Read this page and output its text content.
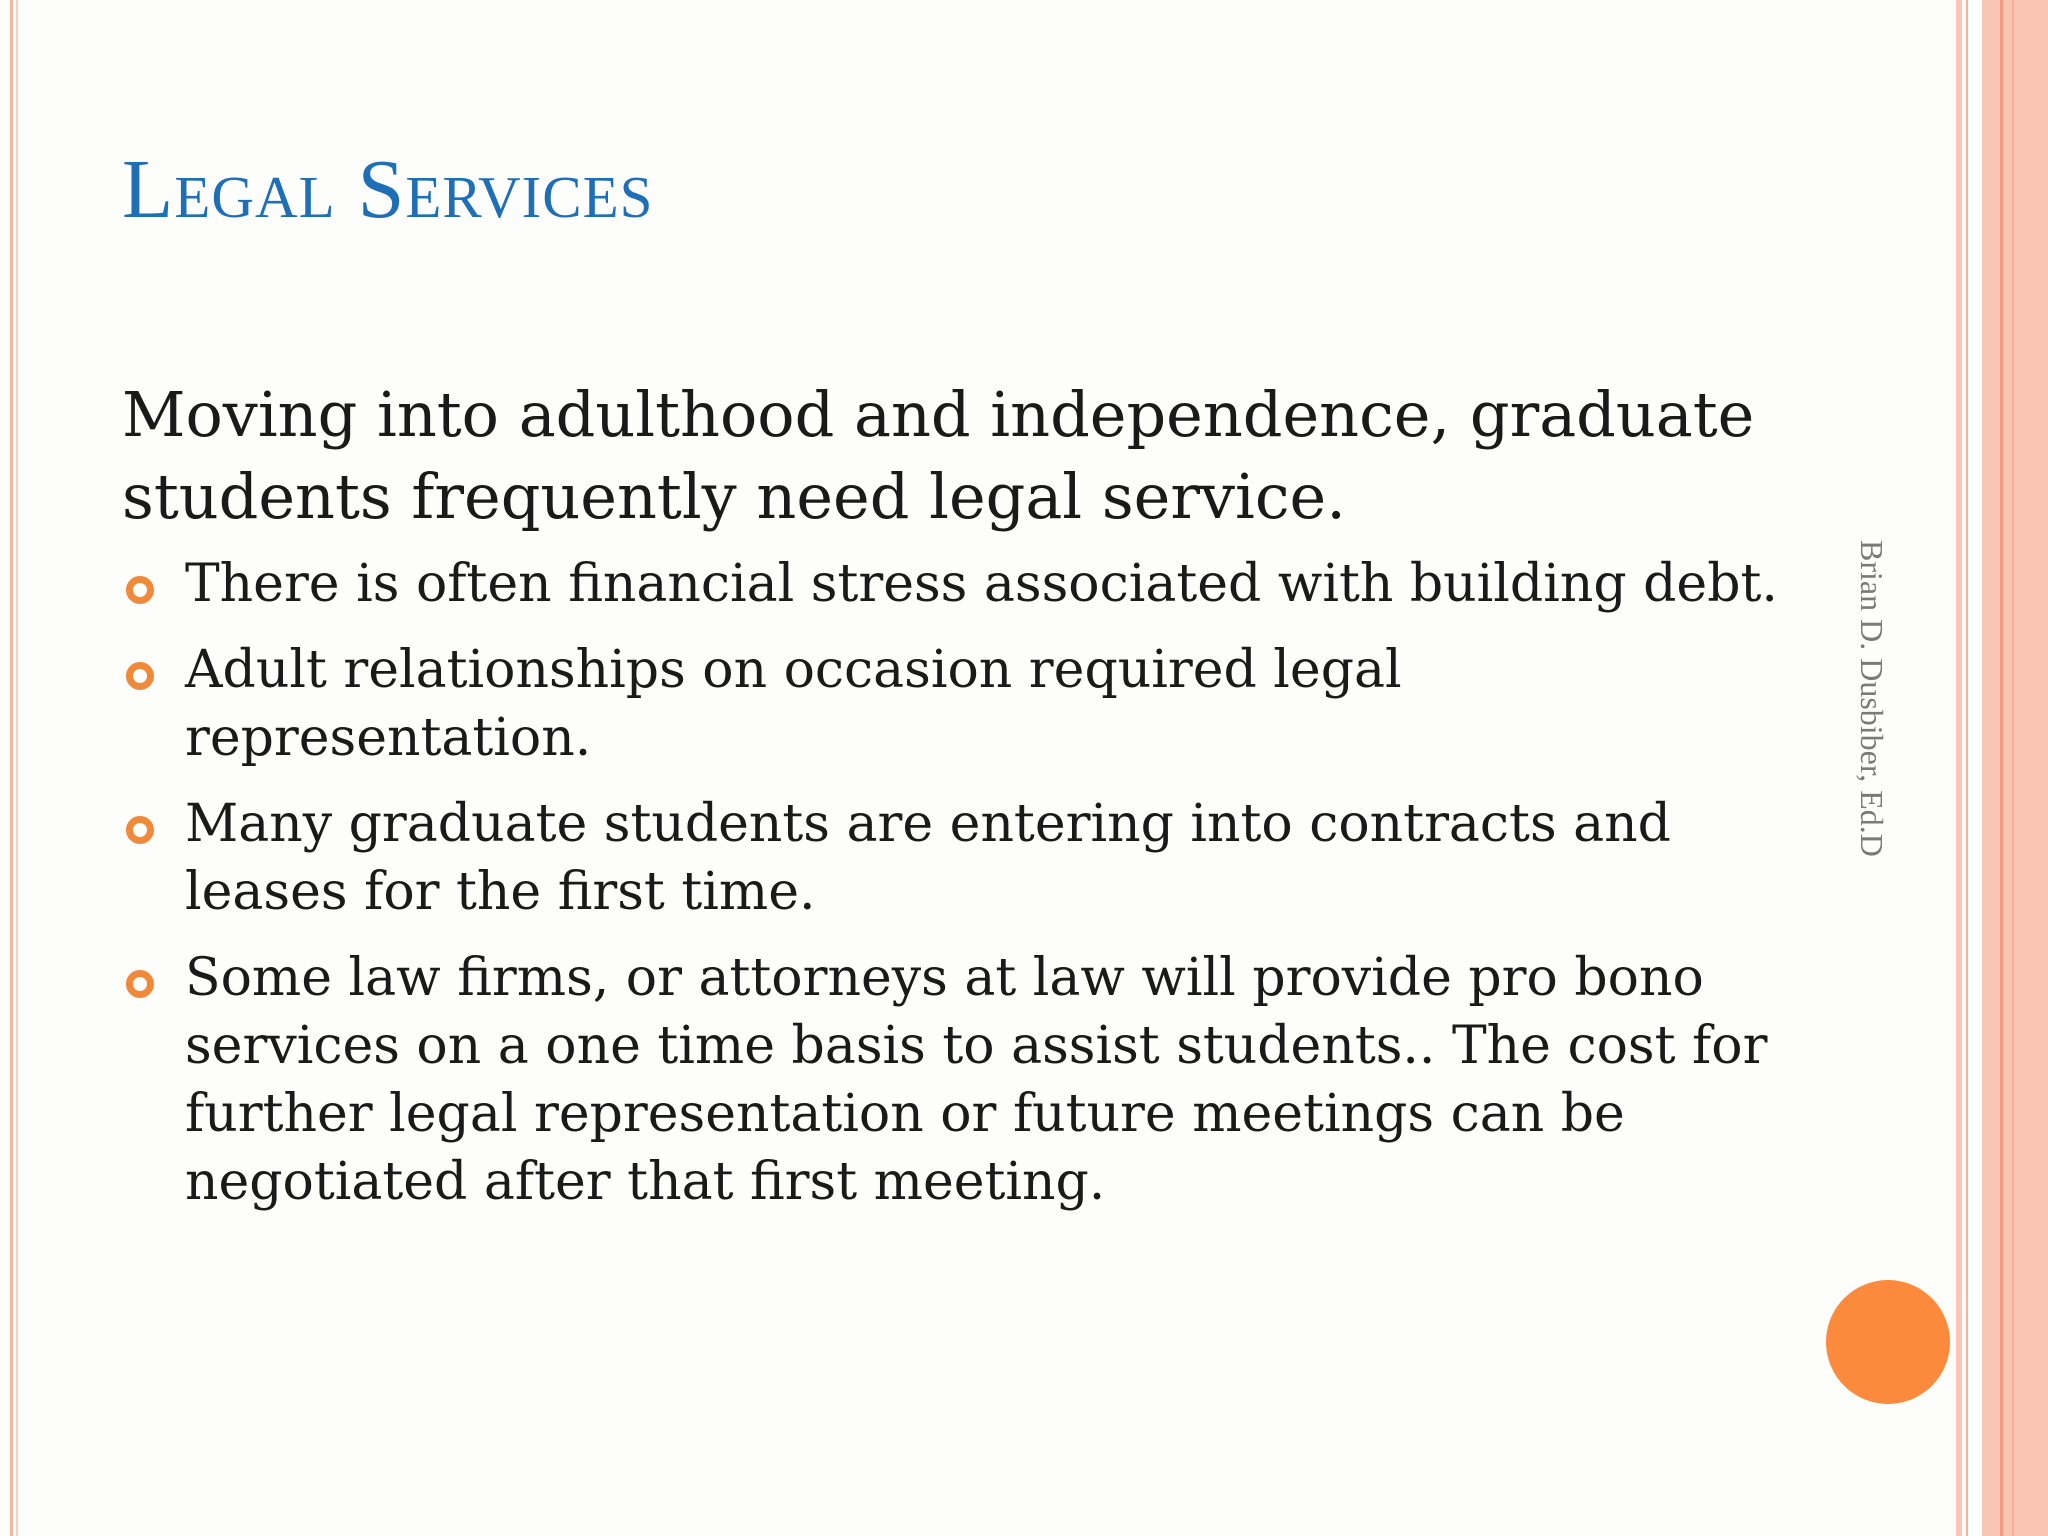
Legal Services

Moving into adulthood and independence, graduate students frequently need legal service.

There is often financial stress associated with building debt.
Adult relationships on occasion required legal representation.
Many graduate students are entering into contracts and leases for the first time.
Some law firms, or attorneys at law will provide pro bono services on a one time basis to assist students.. The cost for further legal representation or future meetings can be negotiated after that first meeting.
Brian D. Dusbiber, Ed.D
